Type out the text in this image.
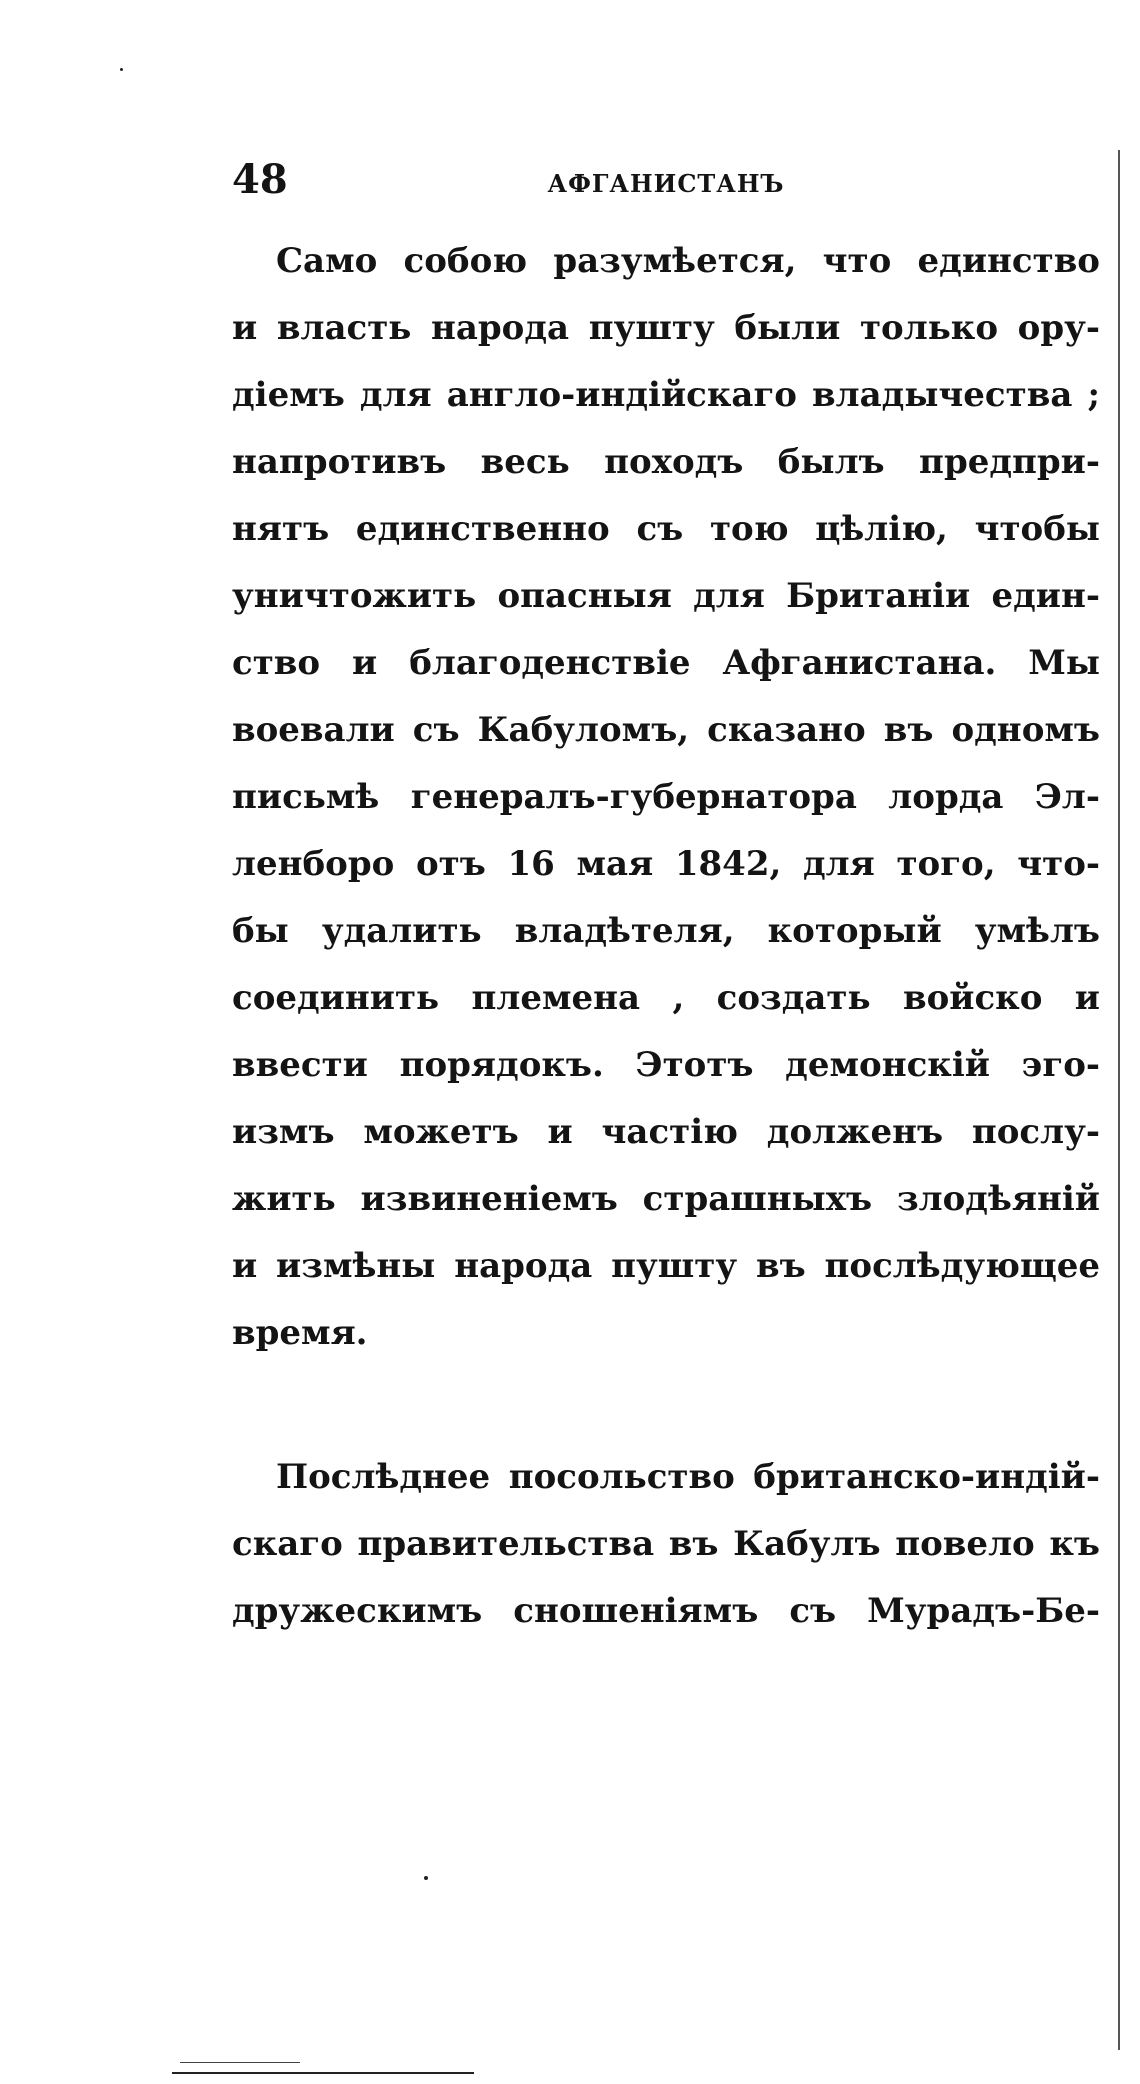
48	АФГАНИСТАНЪ
Само собою разумѣется, что единство
и власть народа пушту были только ору-
діемъ для англо-индійскаго владычества ;
напротивъ весь походъ былъ предпри-
нятъ единственно съ тою цѣлію, чтобы
уничтожить опасныя для Британіи един-
ство и благоденствіе Афганистана. Мы
воевали съ Кабуломъ, сказано въ одномъ
письмѣ генералъ-губернатора лорда Эл-
ленборо отъ 16 мая 1842, для того, что-
бы удалить владѣтеля, который умѣлъ
соединить племена , создать войско и
ввести порядокъ. Этотъ демонскій эго-
измъ можетъ и частію долженъ послу-
жить извиненіемъ страшныхъ злодѣяній
и измѣны народа пушту въ послѣдующее
время.
Послѣднее посольство британско-индій-
скаго правительства въ Кабулъ повело къ
дружескимъ сношеніямъ съ Мурадъ-Бе-
